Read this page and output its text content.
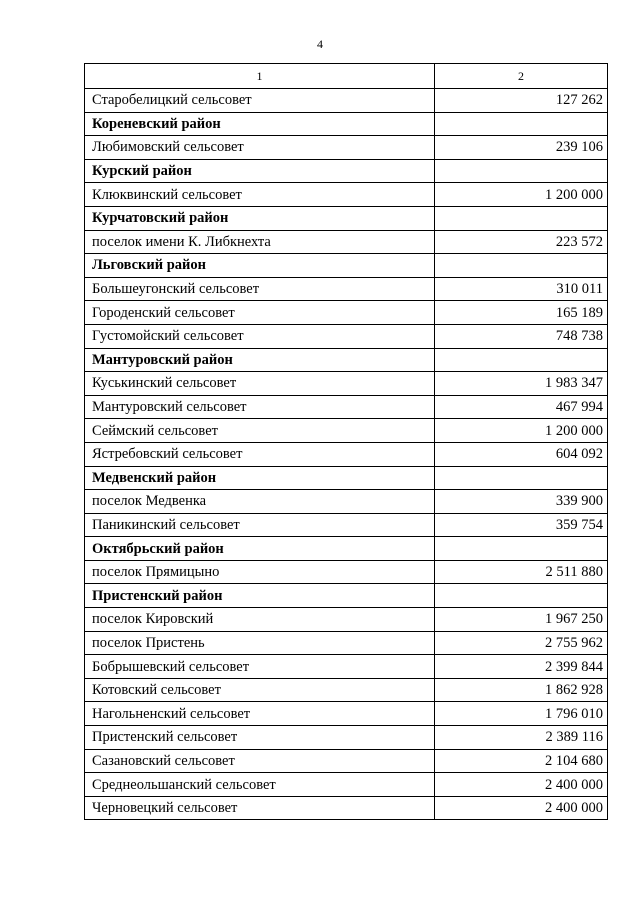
4
1	2
Старобелицкий сельсовет	127 262
Кореневский район	
Любимовский сельсовет	239 106
Курский район	
Клюквинский сельсовет	1 200 000
Курчатовский район	
поселок имени К. Либкнехта	223 572
Льговский район	
Большеугонский сельсовет	310 011
Городенский сельсовет	165 189
Густомойский сельсовет	748 738
Мантуровский район	
Куськинский сельсовет	1 983 347
Мантуровский сельсовет	467 994
Сеймский сельсовет	1 200 000
Ястребовский сельсовет	604 092
Медвенский район	
поселок Медвенка	339 900
Паникинский сельсовет	359 754
Октябрьский район	
поселок Прямицыно	2 511 880
Пристенский район	
поселок Кировский	1 967 250
поселок Пристень	2 755 962
Бобрышевский сельсовет	2 399 844
Котовский сельсовет	1 862 928
Нагольненский сельсовет	1 796 010
Пристенский сельсовет	2 389 116
Сазановский сельсовет	2 104 680
Среднеольшанский сельсовет	2 400 000
Черновецкий сельсовет	2 400 000
